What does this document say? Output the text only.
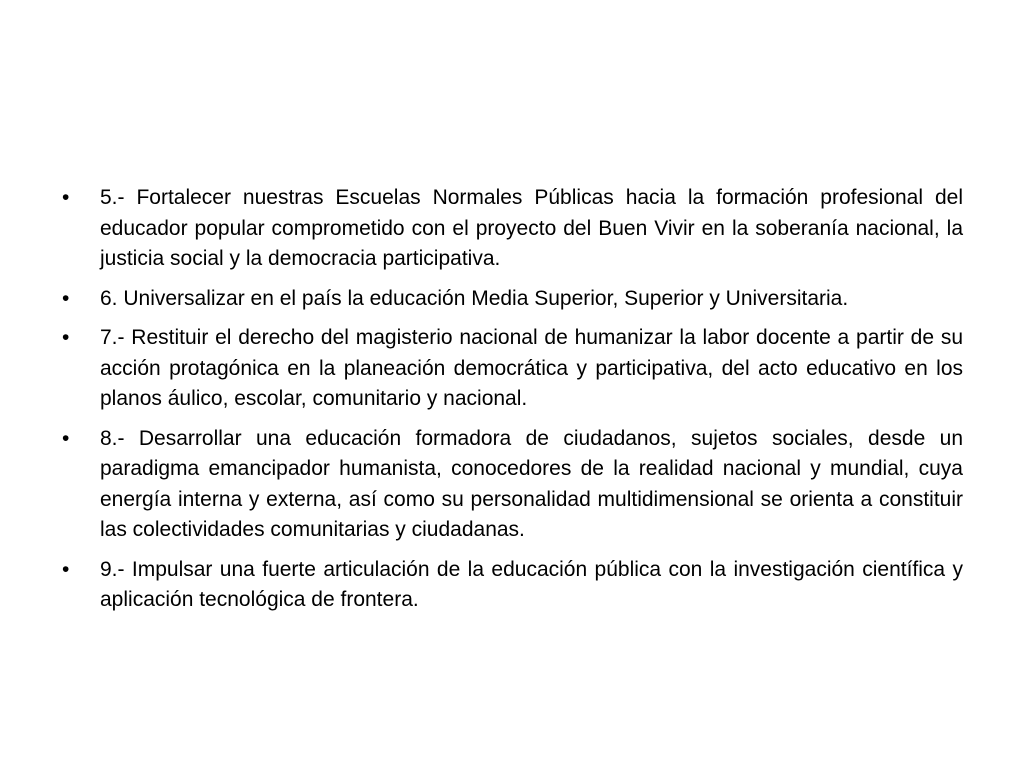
• 5.- Fortalecer nuestras Escuelas Normales Públicas hacia la formación profesional del educador popular comprometido con el proyecto del Buen Vivir en la soberanía nacional, la justicia social y la democracia participativa.
• 6. Universalizar en el país la educación Media Superior, Superior y Universitaria.
• 7.- Restituir el derecho del magisterio nacional de humanizar la labor docente a partir de su acción protagónica en la planeación democrática y participativa, del acto educativo en los planos áulico, escolar, comunitario y nacional.
• 8.- Desarrollar una educación formadora de ciudadanos, sujetos sociales, desde un paradigma emancipador humanista, conocedores de la realidad nacional y mundial, cuya energía interna y externa, así como su personalidad multidimensional se orienta a constituir las colectividades comunitarias y ciudadanas.
• 9.- Impulsar una fuerte articulación de la educación pública con la investigación científica y aplicación tecnológica de frontera.
